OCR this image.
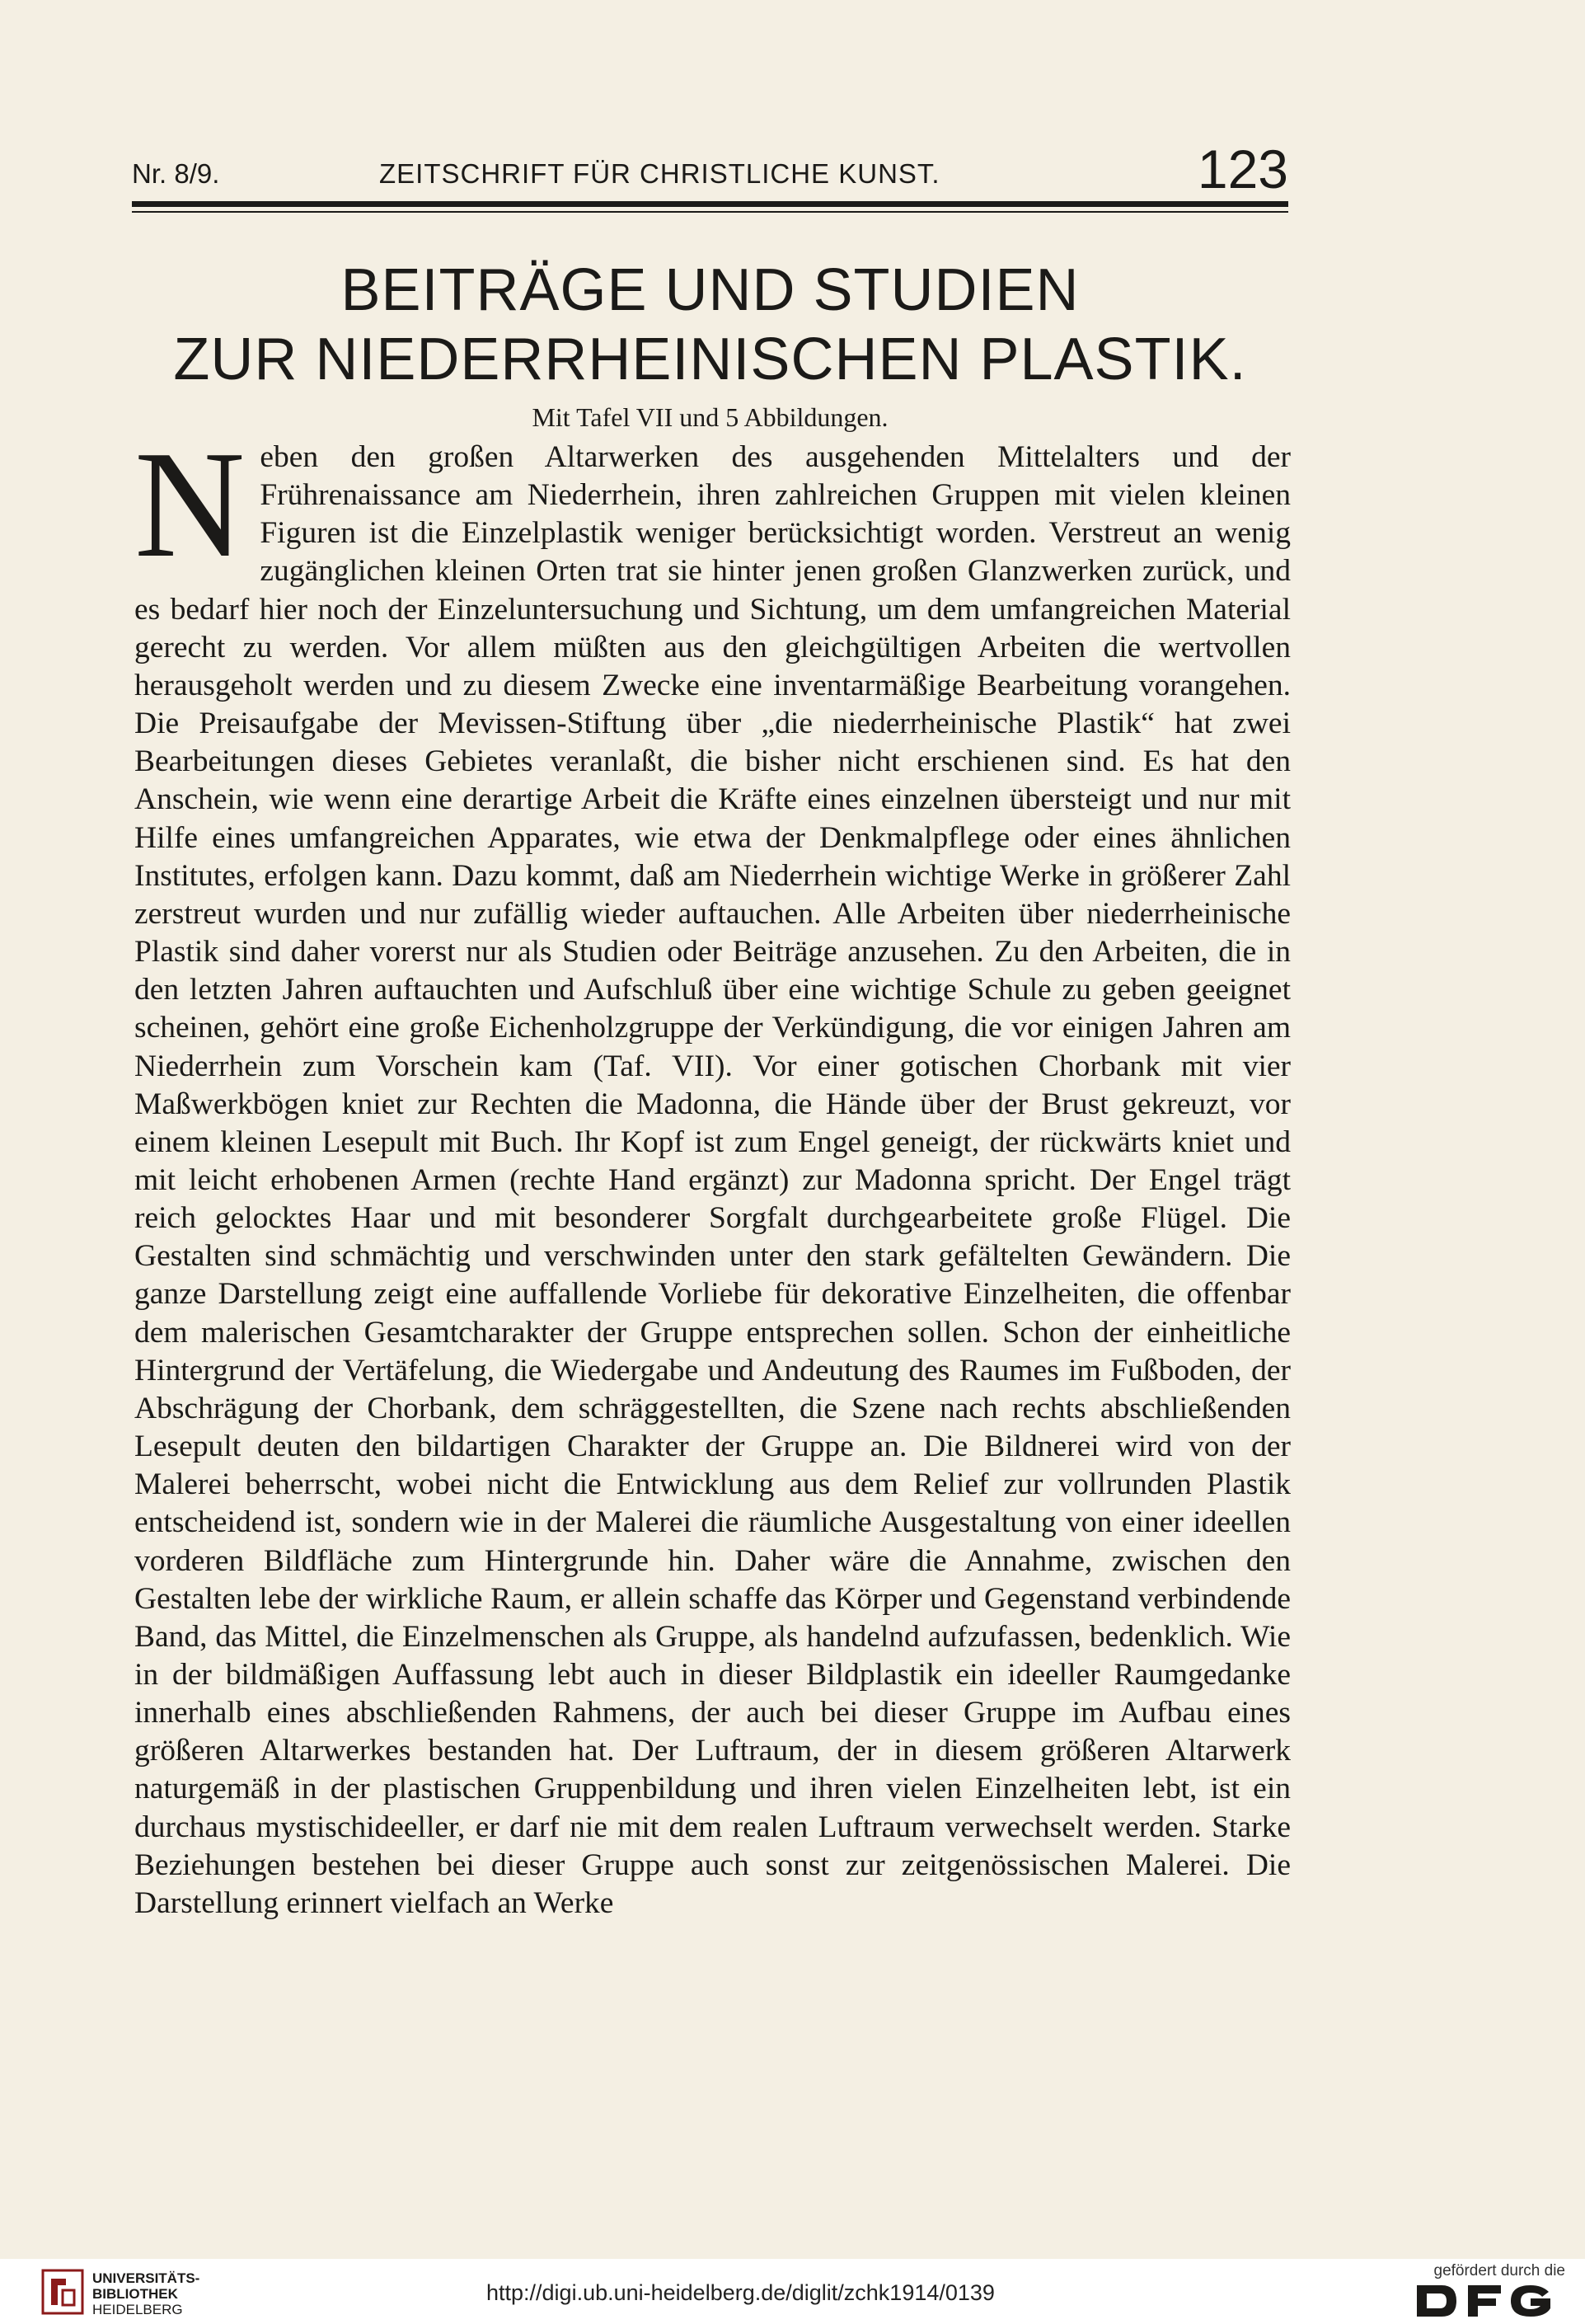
Nr. 8/9.	ZEITSCHRIFT FÜR CHRISTLICHE KUNST.	123
BEITRÄGE UND STUDIEN
ZUR NIEDERRHEINISCHEN PLASTIK.
Mit Tafel VII und 5 Abbildungen.
Neben den großen Altarwerken des ausgehenden Mittelalters und der Frührenaissance am Niederrhein, ihren zahlreichen Gruppen mit vielen kleinen Figuren ist die Einzelplastik weniger berücksichtigt worden. Verstreut an wenig zugänglichen kleinen Orten trat sie hinter jenen großen Glanzwerken zurück, und es bedarf hier noch der Einzeluntersuchung und Sichtung, um dem umfangreichen Material gerecht zu werden. Vor allem müßten aus den gleichgültigen Arbeiten die wertvollen herausgeholt werden und zu diesem Zwecke eine inventarmäßige Bearbeitung vorangehen. Die Preisaufgabe der Mevissen-Stiftung über „die niederrheinische Plastik“ hat zwei Bearbeitungen dieses Gebietes veranlaßt, die bisher nicht erschienen sind. Es hat den Anschein, wie wenn eine derartige Arbeit die Kräfte eines einzelnen übersteigt und nur mit Hilfe eines umfangreichen Apparates, wie etwa der Denkmalpflege oder eines ähnlichen Institutes, erfolgen kann. Dazu kommt, daß am Niederrhein wichtige Werke in größerer Zahl zerstreut wurden und nur zufällig wieder auftauchen. Alle Arbeiten über niederrheinische Plastik sind daher vorerst nur als Studien oder Beiträge anzusehen. Zu den Arbeiten, die in den letzten Jahren auftauchten und Aufschluß über eine wichtige Schule zu geben geeignet scheinen, gehört eine große Eichenholzgruppe der Verkündigung, die vor einigen Jahren am Niederrhein zum Vorschein kam (Taf. VII). Vor einer gotischen Chorbank mit vier Maßwerkbögen kniet zur Rechten die Madonna, die Hände über der Brust gekreuzt, vor einem kleinen Lesepult mit Buch. Ihr Kopf ist zum Engel geneigt, der rückwärts kniet und mit leicht erhobenen Armen (rechte Hand ergänzt) zur Madonna spricht. Der Engel trägt reich gelocktes Haar und mit besonderer Sorgfalt durchgearbeitete große Flügel. Die Gestalten sind schmächtig und verschwinden unter den stark gefältelten Gewändern. Die ganze Darstellung zeigt eine auffallende Vorliebe für dekorative Einzelheiten, die offenbar dem malerischen Gesamtcharakter der Gruppe entsprechen sollen. Schon der einheitliche Hintergrund der Vertäfelung, die Wiedergabe und Andeutung des Raumes im Fußboden, der Abschrägung der Chorbank, dem schräggestellten, die Szene nach rechts abschließenden Lesepult deuten den bildartigen Charakter der Gruppe an. Die Bildnerei wird von der Malerei beherrscht, wobei nicht die Entwicklung aus dem Relief zur vollrunden Plastik entscheidend ist, sondern wie in der Malerei die räumliche Ausgestaltung von einer ideellen vorderen Bildfläche zum Hintergrunde hin. Daher wäre die Annahme, zwischen den Gestalten lebe der wirkliche Raum, er allein schaffe das Körper und Gegenstand verbindende Band, das Mittel, die Einzelmenschen als Gruppe, als handelnd aufzufassen, bedenklich. Wie in der bildmäßigen Auffassung lebt auch in dieser Bildplastik ein ideeller Raumgedanke innerhalb eines abschließenden Rahmens, der auch bei dieser Gruppe im Aufbau eines größeren Altarwerkes bestanden hat. Der Luftraum, der in diesem größeren Altarwerk naturgemäß in der plastischen Gruppenbildung und ihren vielen Einzelheiten lebt, ist ein durchaus mystischideeller, er darf nie mit dem realen Luftraum verwechselt werden. Starke Beziehungen bestehen bei dieser Gruppe auch sonst zur zeitgenössischen Malerei. Die Darstellung erinnert vielfach an Werke
UNIVERSITÄTS-
BIBLIOTHEK
HEIDELBERG
http://digi.ub.uni-heidelberg.de/diglit/zchk1914/0139
gefördert durch die
